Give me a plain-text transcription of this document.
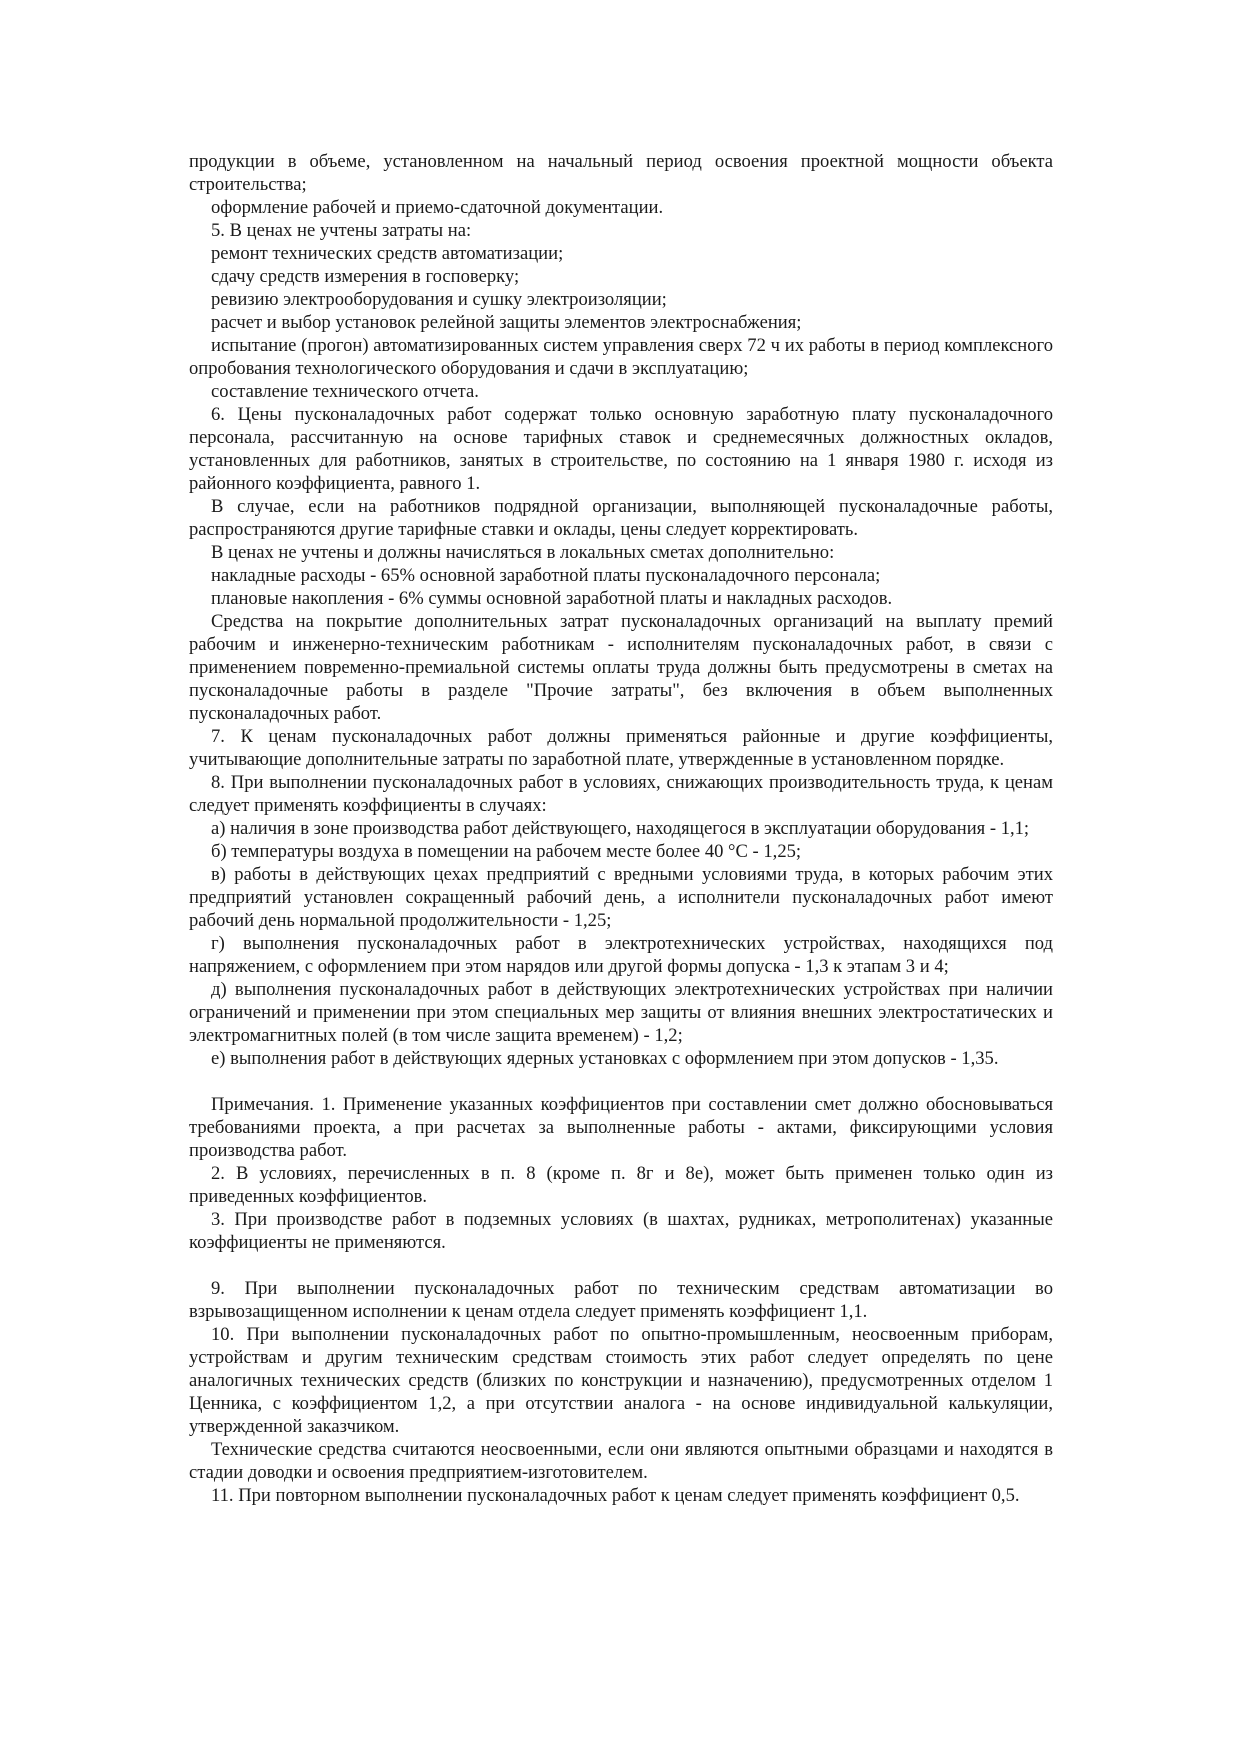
продукции в объеме, установленном на начальный период освоения проектной мощности объекта строительства;

оформление рабочей и приемо-сдаточной документации.

5. В ценах не учтены затраты на:

ремонт технических средств автоматизации;

сдачу средств измерения в госповерку;

ревизию электрооборудования и сушку электроизоляции;

расчет и выбор установок релейной защиты элементов электроснабжения;

испытание (прогон) автоматизированных систем управления сверх 72 ч их работы в период комплексного опробования технологического оборудования и сдачи в эксплуатацию;

составление технического отчета.

6. Цены пусконаладочных работ содержат только основную заработную плату пусконаладочного персонала, рассчитанную на основе тарифных ставок и среднемесячных должностных окладов, установленных для работников, занятых в строительстве, по состоянию на 1 января 1980 г. исходя из районного коэффициента, равного 1.

В случае, если на работников подрядной организации, выполняющей пусконаладочные работы, распространяются другие тарифные ставки и оклады, цены следует корректировать.

В ценах не учтены и должны начисляться в локальных сметах дополнительно:

накладные расходы - 65% основной заработной платы пусконаладочного персонала;

плановые накопления - 6% суммы основной заработной платы и накладных расходов.

Средства на покрытие дополнительных затрат пусконаладочных организаций на выплату премий рабочим и инженерно-техническим работникам - исполнителям пусконаладочных работ, в связи с применением повременно-премиальной системы оплаты труда должны быть предусмотрены в сметах на пусконаладочные работы в разделе "Прочие затраты", без включения в объем выполненных пусконаладочных работ.

7. К ценам пусконаладочных работ должны применяться районные и другие коэффициенты, учитывающие дополнительные затраты по заработной плате, утвержденные в установленном порядке.

8. При выполнении пусконаладочных работ в условиях, снижающих производительность труда, к ценам следует применять коэффициенты в случаях:

а) наличия в зоне производства работ действующего, находящегося в эксплуатации оборудования - 1,1;

б) температуры воздуха в помещении на рабочем месте более 40 °С - 1,25;

в) работы в действующих цехах предприятий с вредными условиями труда, в которых рабочим этих предприятий установлен сокращенный рабочий день, а исполнители пусконаладочных работ имеют рабочий день нормальной продолжительности - 1,25;

г) выполнения пусконаладочных работ в электротехнических устройствах, находящихся под напряжением, с оформлением при этом нарядов или другой формы допуска - 1,3 к этапам 3 и 4;

д) выполнения пусконаладочных работ в действующих электротехнических устройствах при наличии ограничений и применении при этом специальных мер защиты от влияния внешних электростатических и электромагнитных полей (в том числе защита временем) - 1,2;

е) выполнения работ в действующих ядерных установках с оформлением при этом допусков - 1,35.

Примечания. 1. Применение указанных коэффициентов при составлении смет должно обосновываться требованиями проекта, а при расчетах за выполненные работы - актами, фиксирующими условия производства работ.

2. В условиях, перечисленных в п. 8 (кроме п. 8г и 8е), может быть применен только один из приведенных коэффициентов.

3. При производстве работ в подземных условиях (в шахтах, рудниках, метрополитенах) указанные коэффициенты не применяются.

9. При выполнении пусконаладочных работ по техническим средствам автоматизации во взрывозащищенном исполнении к ценам отдела следует применять коэффициент 1,1.

10. При выполнении пусконаладочных работ по опытно-промышленным, неосвоенным приборам, устройствам и другим техническим средствам стоимость этих работ следует определять по цене аналогичных технических средств (близких по конструкции и назначению), предусмотренных отделом 1 Ценника, с коэффициентом 1,2, а при отсутствии аналога - на основе индивидуальной калькуляции, утвержденной заказчиком.

Технические средства считаются неосвоенными, если они являются опытными образцами и находятся в стадии доводки и освоения предприятием-изготовителем.

11. При повторном выполнении пусконаладочных работ к ценам следует применять коэффициент 0,5.
